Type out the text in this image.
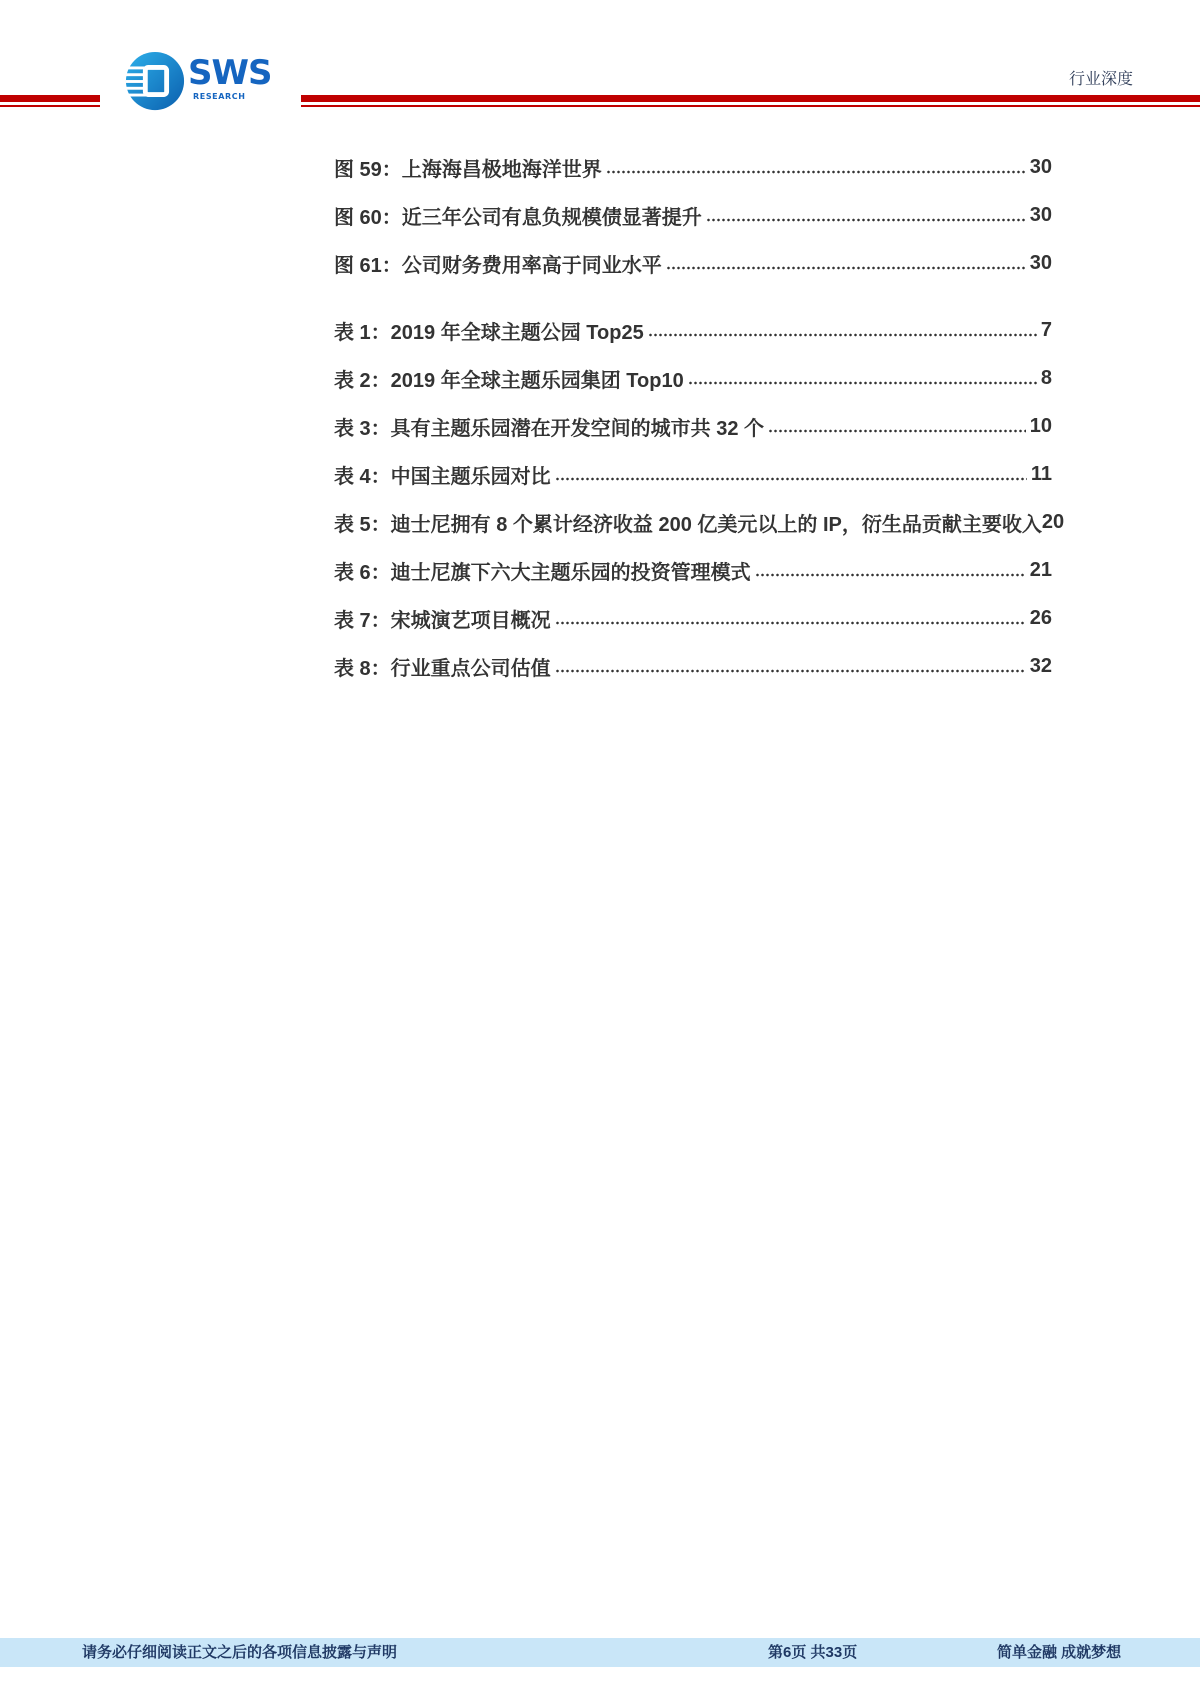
SWS
RESEARCH
行业深度
图 59：上海海昌极地海洋世界	30
图 60：近三年公司有息负规模债显著提升	30
图 61：公司财务费用率高于同业水平	30
表 1：2019 年全球主题公园 Top25	7
表 2：2019 年全球主题乐园集团 Top10	8
表 3：具有主题乐园潜在开发空间的城市共 32 个	10
表 4：中国主题乐园对比	11
表 5：迪士尼拥有 8 个累计经济收益 200 亿美元以上的 IP，衍生品贡献主要收入 20
表 6：迪士尼旗下六大主题乐园的投资管理模式	21
表 7：宋城演艺项目概况	26
表 8：行业重点公司估值	32
请务必仔细阅读正文之后的各项信息披露与声明	第6页 共33页	简单金融 成就梦想
